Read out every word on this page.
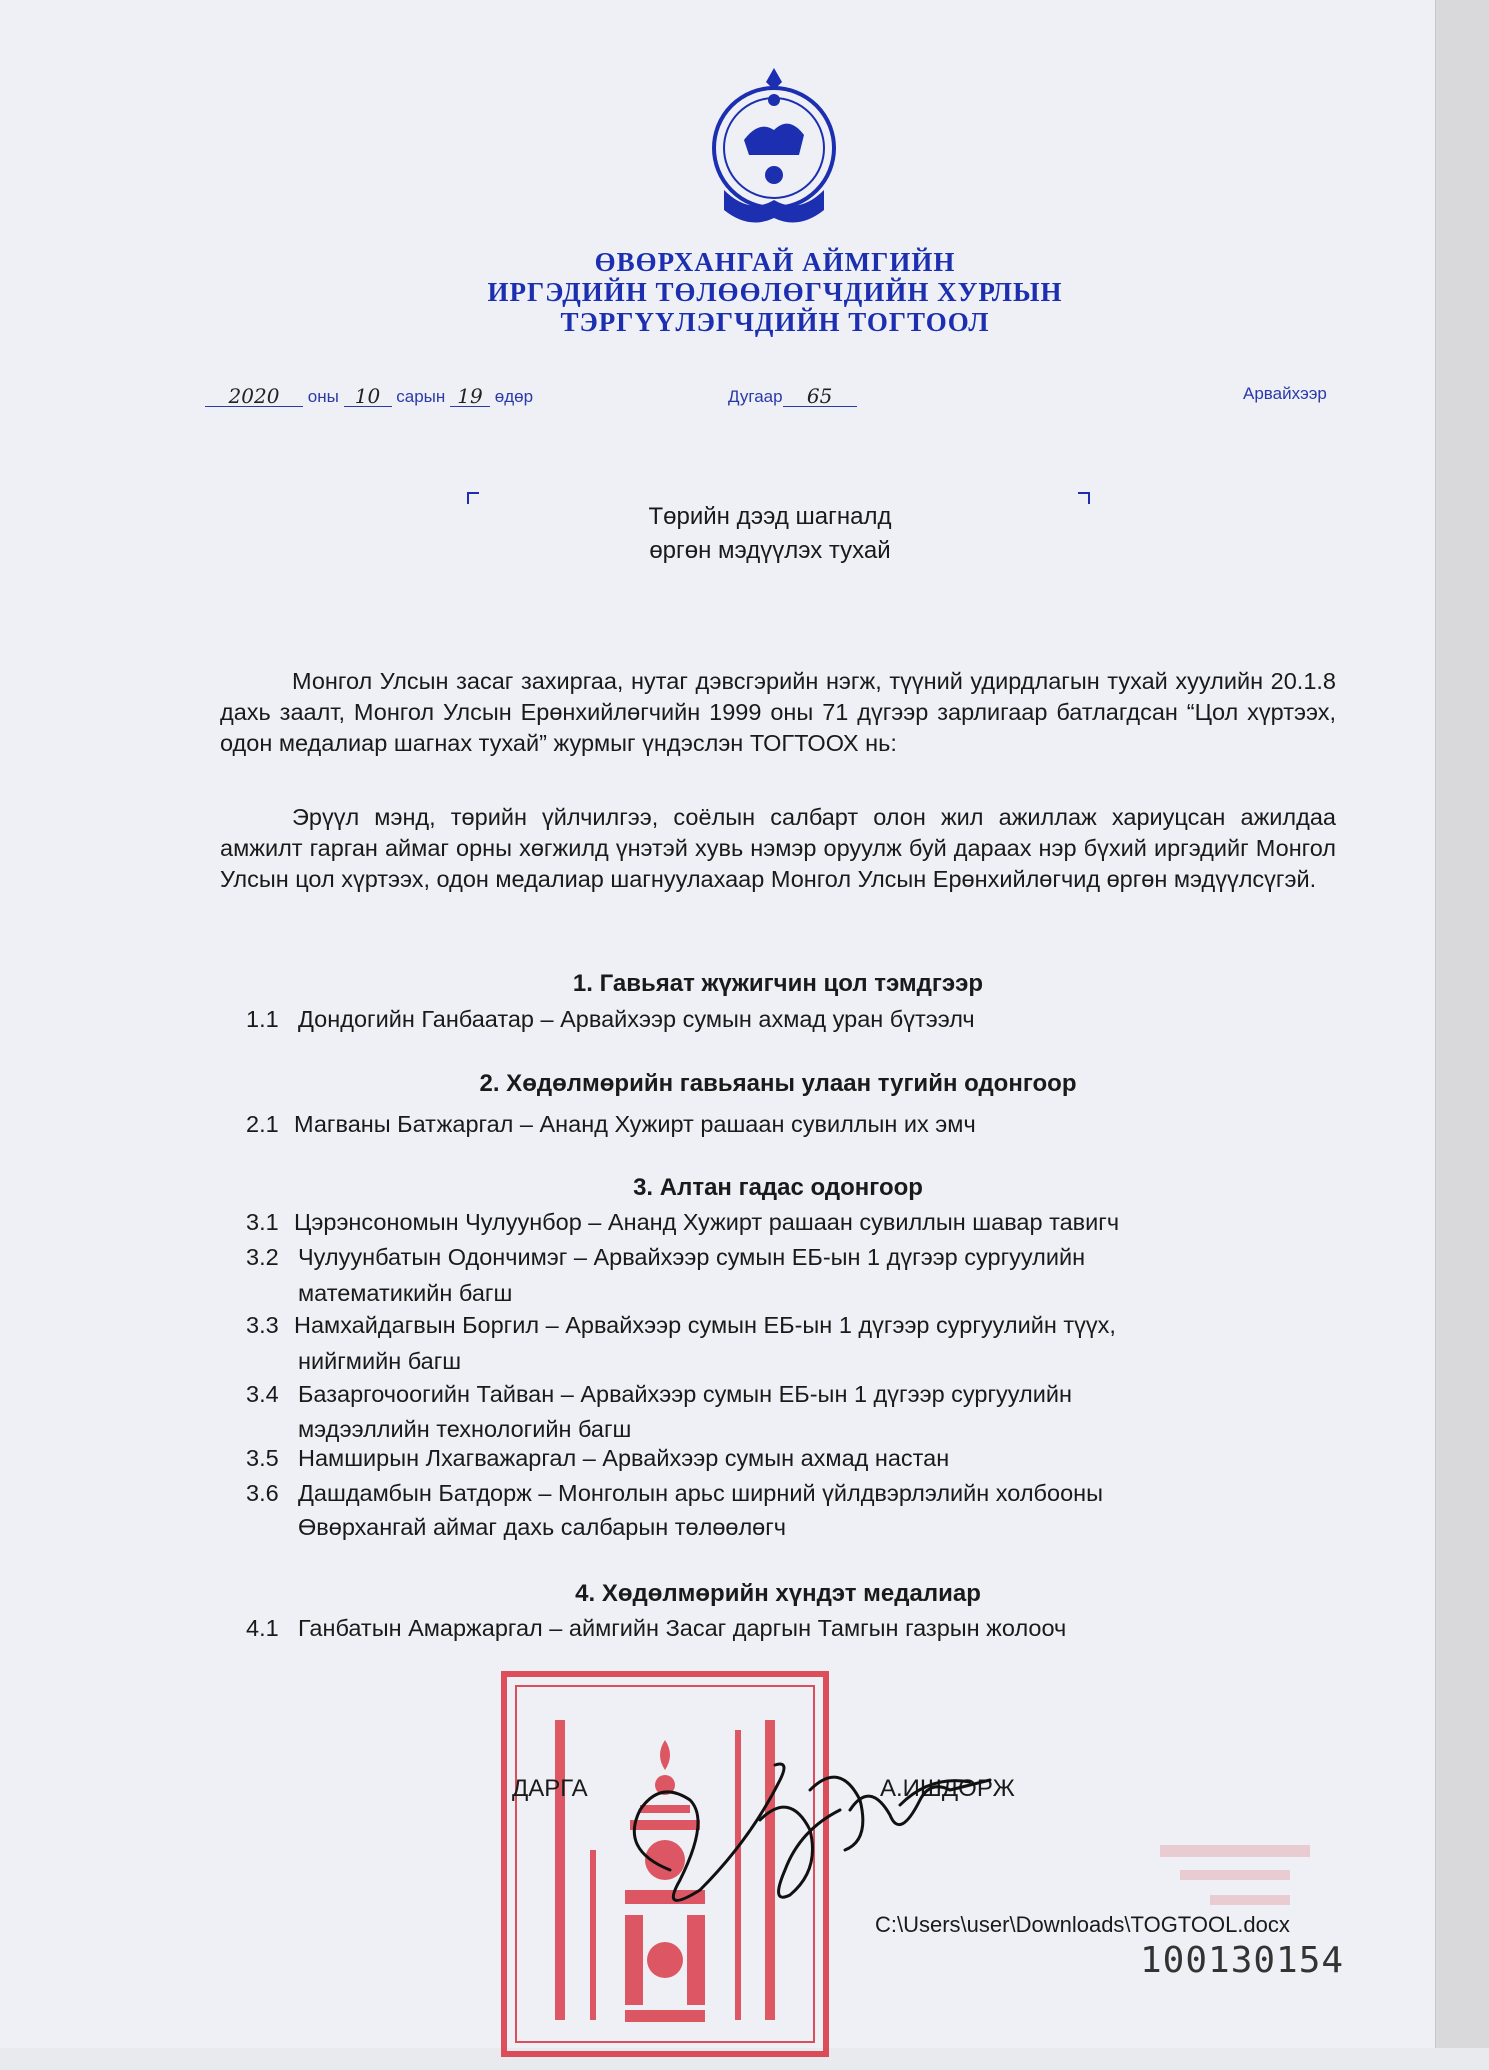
ӨВӨРХАНГАЙ АЙМГИЙН
ИРГЭДИЙН ТӨЛӨӨЛӨГЧДИЙН ХУРЛЫН
ТЭРГҮҮЛЭГЧДИЙН ТОГТООЛ
2020 оны 10 сарын 19 өдөр	Дугаар 65	Арвайхээр
Төрийн дээд шагналд
өргөн мэдүүлэх тухай
Монгол Улсын засаг захиргаа, нутаг дэвсгэрийн нэгж, түүний удирдлагын тухай хуулийн 20.1.8 дахь заалт, Монгол Улсын Ерөнхийлөгчийн 1999 оны 71 дүгээр зарлигаар батлагдсан “Цол хүртээх, одон медалиар шагнах тухай” журмыг үндэслэн ТОГТООХ нь:
Эрүүл мэнд, төрийн үйлчилгээ, соёлын салбарт олон жил ажиллаж хариуцсан ажилдаа амжилт гарган аймаг орны хөгжилд үнэтэй хувь нэмэр оруулж буй дараах нэр бүхий иргэдийг Монгол Улсын цол хүртээх, одон медалиар шагнуулахаар Монгол Улсын Ерөнхийлөгчид өргөн мэдүүлсүгэй.
1. Гавьяат жүжигчин цол тэмдгээр
1.1 Дондогийн Ганбаатар – Арвайхээр сумын ахмад уран бүтээлч
2. Хөдөлмөрийн гавьяаны улаан тугийн одонгоор
2.1 Магваны Батжаргал – Ананд Хужирт рашаан сувиллын их эмч
3. Алтан гадас одонгоор
3.1 Цэрэнсономын Чулуунбор – Ананд Хужирт рашаан сувиллын шавар тавигч
3.2 Чулуунбатын Одончимэг – Арвайхээр сумын ЕБ-ын 1 дүгээр сургуулийн
математикийн багш
3.3 Намхайдагвын Боргил – Арвайхээр сумын ЕБ-ын 1 дүгээр сургуулийн түүх,
нийгмийн багш
3.4 Базаргочоогийн Тайван – Арвайхээр сумын ЕБ-ын 1 дүгээр сургуулийн
мэдээллийн технологийн багш
3.5 Намширын Лхагважаргал – Арвайхээр сумын ахмад настан
3.6 Дашдамбын Батдорж – Монголын арьс ширний үйлдвэрлэлийн холбооны
Өвөрхангай аймаг дахь салбарын төлөөлөгч
4. Хөдөлмөрийн хүндэт медалиар
4.1 Ганбатын Амаржаргал – аймгийн Засаг даргын Тамгын газрын жолооч
ДАРГА	А.ИШДОРЖ
C:\Users\user\Downloads\TOGTOOL.docx
100130154
